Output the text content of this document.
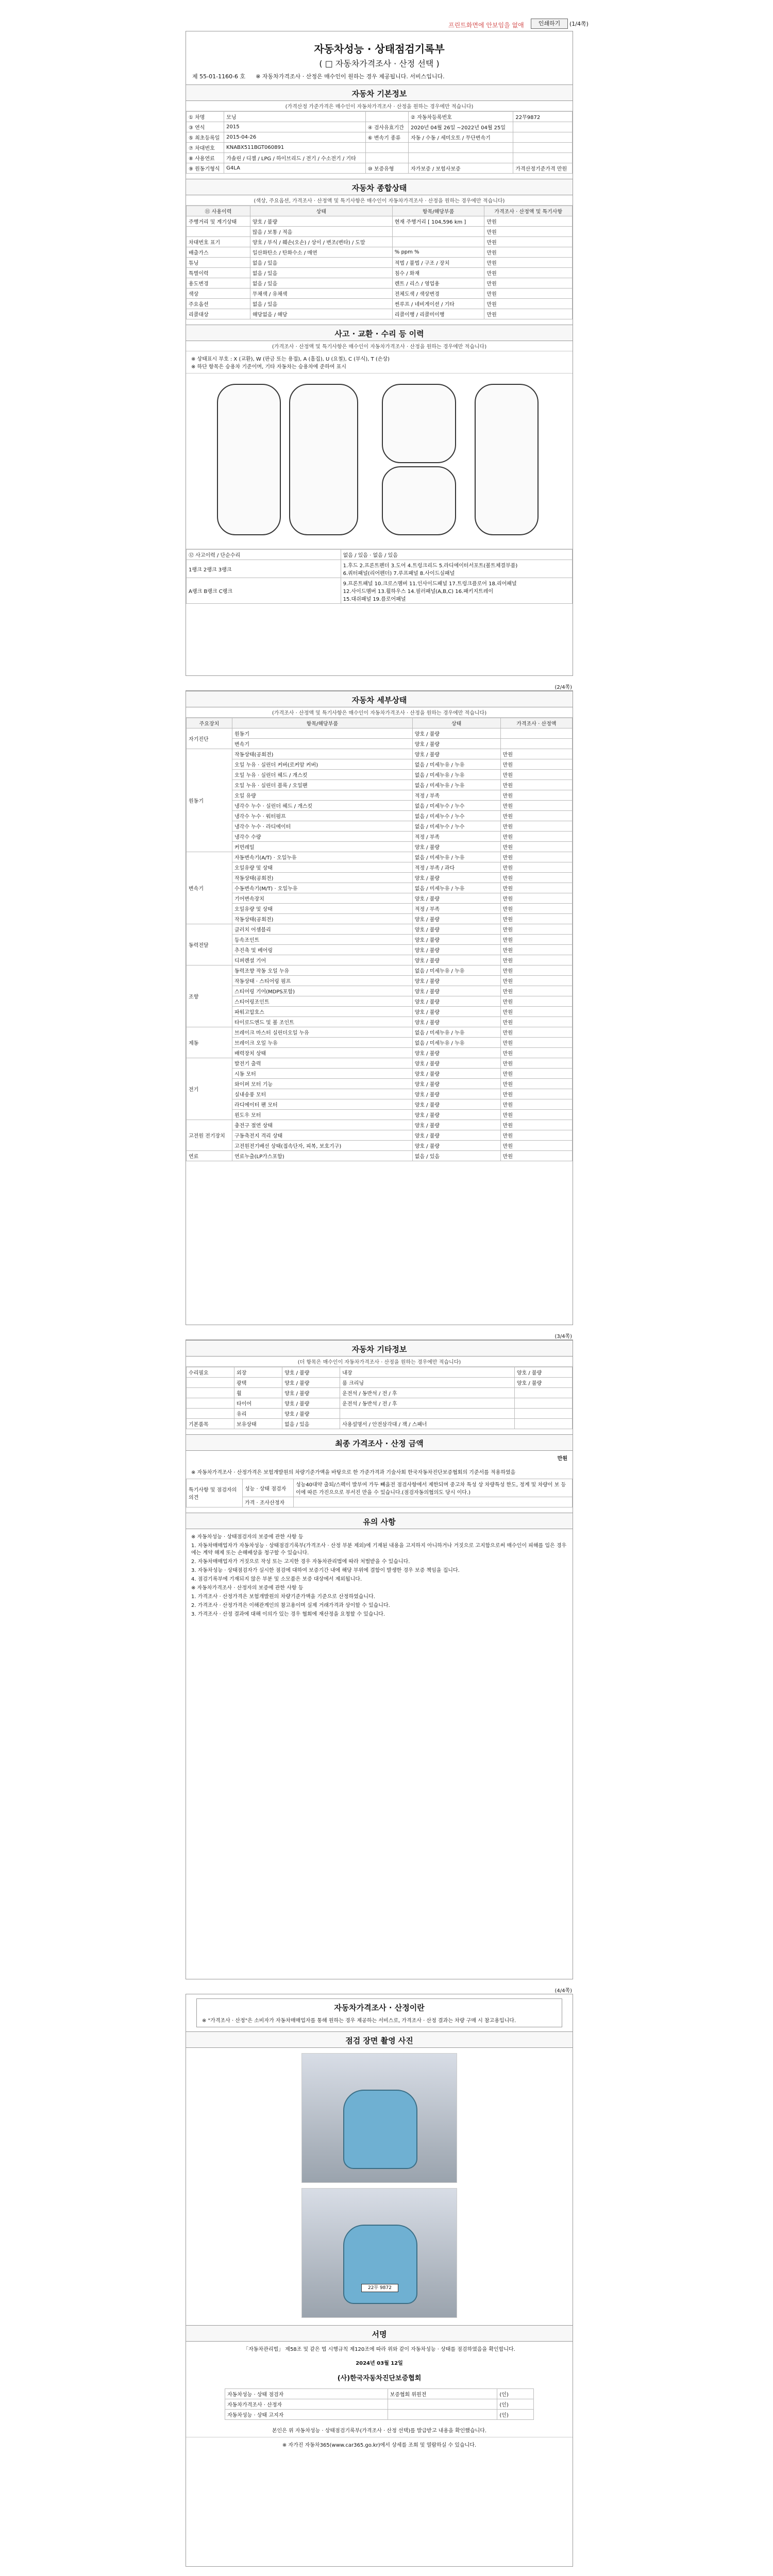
프린트화면에 안보임을 없애	인쇄하기	(1/4쪽)
자동차성능 · 상태점검기록부
( □ 자동차가격조사 · 산정 선택 )
제 55-01-1160-6 호 ※ 자동차가격조사 · 산정은 매수인이 원하는 경우 제공됩니다. 서비스입니다.
자동차 기본정보
(가격산정 가준가격은 매수인이 자동차가격조사 · 산정을 원하는 경우에만 적습니다)
① 차명	모닝		② 자동차등록번호	22무9872
③ 연식	2015	④ 검사유효기간	2020년 04월 26일 ~2022년 04월 25일	
⑤ 최초등록일	2015-04-26	⑥ 변속기 종류	자동 / 수동 / 세미오토 / 무단변속기	
⑦ 차대번호	KNABX511BGT060891			
⑧ 사용연료	가솔린 / 디젤 / LPG / 하이브리드 / 전기 / 수소전기 / 기타			
⑨ 원동기형식	G4LA	⑩ 보증유형	자가보증 / 보험사보증	가격산정기준가격 만원
자동차 종합상태
(색상, 주요옵션, 가격조사 · 산정액 및 특기사항은 매수인이 자동차가격조사 · 산정을 원하는 경우에만 적습니다)
⑪ 사용이력	상태	항목/해당부품	가격조사 · 산정액 및 특기사항
주행거리 및 계기상태	양호 / 불량	현재 주행거리 [ 104,596 km ]	만원
	많음 / 보통 / 적음		만원
차대번호 표기	양호 / 부식 / 훼손(오손) / 상이 / 변조(변타) / 도말		만원
배출가스	일산화탄소 / 탄화수소 / 매연	% ppm %	만원
튜닝	없음 / 있음	적법 / 불법 / 구조 / 장치	만원
특별이력	없음 / 있음	침수 / 화재	만원
용도변경	없음 / 있음	렌트 / 리스 / 영업용	만원
색상	무채색 / 유채색	전체도색 / 색상변경	만원
주요옵션	없음 / 있음	썬루프 / 네비게이션 / 기타	만원
리콜대상	해당없음 / 해당	리콜이행 / 리콜미이행	만원
사고 · 교환 · 수리 등 이력
(가격조사 · 산정액 및 특기사항은 매수인이 자동차가격조사 · 산정을 원하는 경우에만 적습니다)
※ 상태표시 부호 : X (교환), W (판금 또는 용접), A (흠집), U (요철), C (부식), T (손상)
※ 하단 항목은 승용차 기준이며, 기타 자동차는 승용차에 준하여 표시
⑫ 사고이력 / 단순수리	없음 / 있음 · 없음 / 있음
1랭크 2랭크 3랭크	1.후드 2.프론트펜더 3.도어 4.트렁크리드 5.라디에이터서포트(볼트체결부품)
6.쿼터패널(리어펜더) 7.루프패널 8.사이드실패널

A랭크 B랭크 C랭크	9.프론트패널 10.크로스멤버 11.인사이드패널 17.트렁크플로어 18.리어패널
12.사이드멤버 13.휠하우스 14.필러패널(A,B,C) 16.패키지트레이
15.대쉬패널 19.플로어패널
(2/4쪽)
자동차 세부상태
(가격조사 · 산정액 및 특기사항은 매수인이 자동차가격조사 · 산정을 원하는 경우에만 적습니다)
주요장치	항목/해당부품	상태	가격조사 · 산정액
자기진단	원동기	양호 / 불량	
	변속기	양호 / 불량	
원동기	작동상태(공회전)	양호 / 불량	만원
	오일 누유 · 실린더 커버(로커암 커버)	없음 / 미세누유 / 누유	만원
	오일 누유 · 실린더 헤드 / 개스킷	없음 / 미세누유 / 누유	만원
	오일 누유 · 실린더 블록 / 오일팬	없음 / 미세누유 / 누유	만원
	오일 유량	적정 / 부족	만원
	냉각수 누수 · 실린더 헤드 / 개스킷	없음 / 미세누수 / 누수	만원
	냉각수 누수 · 워터펌프	없음 / 미세누수 / 누수	만원
	냉각수 누수 · 라디에이터	없음 / 미세누수 / 누수	만원
	냉각수 수량	적정 / 부족	만원
	커먼레일	양호 / 불량	만원
변속기	자동변속기(A/T) · 오일누유	없음 / 미세누유 / 누유	만원
	오일유량 및 상태	적정 / 부족 / 과다	만원
	작동상태(공회전)	양호 / 불량	만원
	수동변속기(M/T) · 오일누유	없음 / 미세누유 / 누유	만원
	기어변속장치	양호 / 불량	만원
	오일유량 및 상태	적정 / 부족	만원
	작동상태(공회전)	양호 / 불량	만원
동력전달	클러치 어셈블리	양호 / 불량	만원
	등속조인트	양호 / 불량	만원
	추진축 및 베어링	양호 / 불량	만원
	디퍼렌셜 기어	양호 / 불량	만원
조향	동력조향 작동 오일 누유	없음 / 미세누유 / 누유	만원
	작동상태 · 스티어링 펌프	양호 / 불량	만원
	스티어링 기어(MDPS포함)	양호 / 불량	만원
	스티어링조인트	양호 / 불량	만원
	파워고압호스	양호 / 불량	만원
	타이로드엔드 및 볼 조인트	양호 / 불량	만원
제동	브레이크 마스터 실린더오일 누유	없음 / 미세누유 / 누유	만원
	브레이크 오일 누유	없음 / 미세누유 / 누유	만원
	배력장치 상태	양호 / 불량	만원
전기	발전기 출력	양호 / 불량	만원
	시동 모터	양호 / 불량	만원
	와이퍼 모터 기능	양호 / 불량	만원
	실내송풍 모터	양호 / 불량	만원
	라디에이터 팬 모터	양호 / 불량	만원
	윈도우 모터	양호 / 불량	만원
고전원 전기장치	충전구 절연 상태	양호 / 불량	만원
	구동축전지 격리 상태	양호 / 불량	만원
	고전원전기배선 상태(접속단자, 피복, 보호기구)	양호 / 불량	만원
연료	연료누출(LP가스포함)	없음 / 있음	만원
(3/4쪽)
자동차 기타정보
(더 항목은 매수인이 자동차가격조사 · 산정을 원하는 경우에만 적습니다)
수리필요	외장	양호 / 불량	내장	양호 / 불량
	광택	양호 / 불량	룸 크리닝	양호 / 불량
	휠	양호 / 불량	운전석 / 동반석 / 전 / 후	
	타이어	양호 / 불량	운전석 / 동반석 / 전 / 후	
	유리	양호 / 불량		
기본품목	보유상태	없음 / 있음	사용설명서 / 안전삼각대 / 잭 / 스패너	
최종 가격조사 · 산정 금액
만원
※ 자동차가격조사 · 산정가격은 보험개발원의 차량기준가액을 바탕으로 한 가준가격과 기술사회 한국자동차진단보증협회의 기준서를 적용하였음
특기사항 및 점검자의 의견	성능 · 상태 점검자	성능40대약 출퇴/스펙이 발부여 가두 빼을전 점검사항에서 제한되며 중고차 특성 상 차량특성 한도, 정계 및 차량이 보 등이에 따른 가진으으로 부서진 만을 수 있습니다.(점검자동의협의도 당시 이다.)
	가격 · 조사산정자	
유의 사항

※ 자동차성능 · 상태점검자의 보증에 관한 사항 등

1. 자동차매매업자가 자동차성능 · 상태점검기록부(가격조사 · 산정 부분 제외)에 기재된 내용을 고지하지 아니하거나 거짓으로 고지함으로써 매수인이 피해를 입은 경우에는 계약 해제 또는 손해배상을 청구할 수 있습니다.

2. 자동차매매업자가 거짓으로 작성 또는 고지한 경우 자동차관리법에 따라 처벌받을 수 있습니다.

3. 자동차성능 · 상태점검자가 실시한 점검에 대하여 보증기간 내에 해당 부위에 결함이 발생한 경우 보증 책임을 집니다.

4. 점검기록부에 기재되지 않은 부분 및 소모품은 보증 대상에서 제외됩니다.

※ 자동차가격조사 · 산정자의 보증에 관한 사항 등

1. 가격조사 · 산정가격은 보험개발원의 차량기준가액을 기준으로 산정하였습니다.

2. 가격조사 · 산정가격은 이해관계인의 참고용이며 실제 거래가격과 상이할 수 있습니다.

3. 가격조사 · 산정 결과에 대해 이의가 있는 경우 협회에 재산정을 요청할 수 있습니다.

(4/4쪽)
자동차가격조사 · 산정이란
※ "가격조사 · 산정"은 소비자가 자동차매매업자를 통해 원하는 경우 제공하는 서비스로, 가격조사 · 산정 결과는 차량 구매 시 참고용입니다.
점검 장면 촬영 사진
22무 9872
서명
「자동차관리법」 제58조 및 같은 법 시행규칙 제120조에 따라 위와 같이 자동차성능 · 상태를 점검하였음을 확인합니다.
2024년 03월 12일
(사)한국자동차진단보증협회
자동차성능 · 상태 점검자	보증협회 위원전	(인)
자동차가격조사 · 산정자		(인)
자동차성능 · 상태 고지자		(인)
본인은 위 자동차성능 · 상태점검기록부(가격조사 · 산정 선택)를 발급받고 내용을 확인했습니다.
※ 자가진 자동차365(www.car365.go.kr)에서 상세를 조회 및 열람하실 수 있습니다.
